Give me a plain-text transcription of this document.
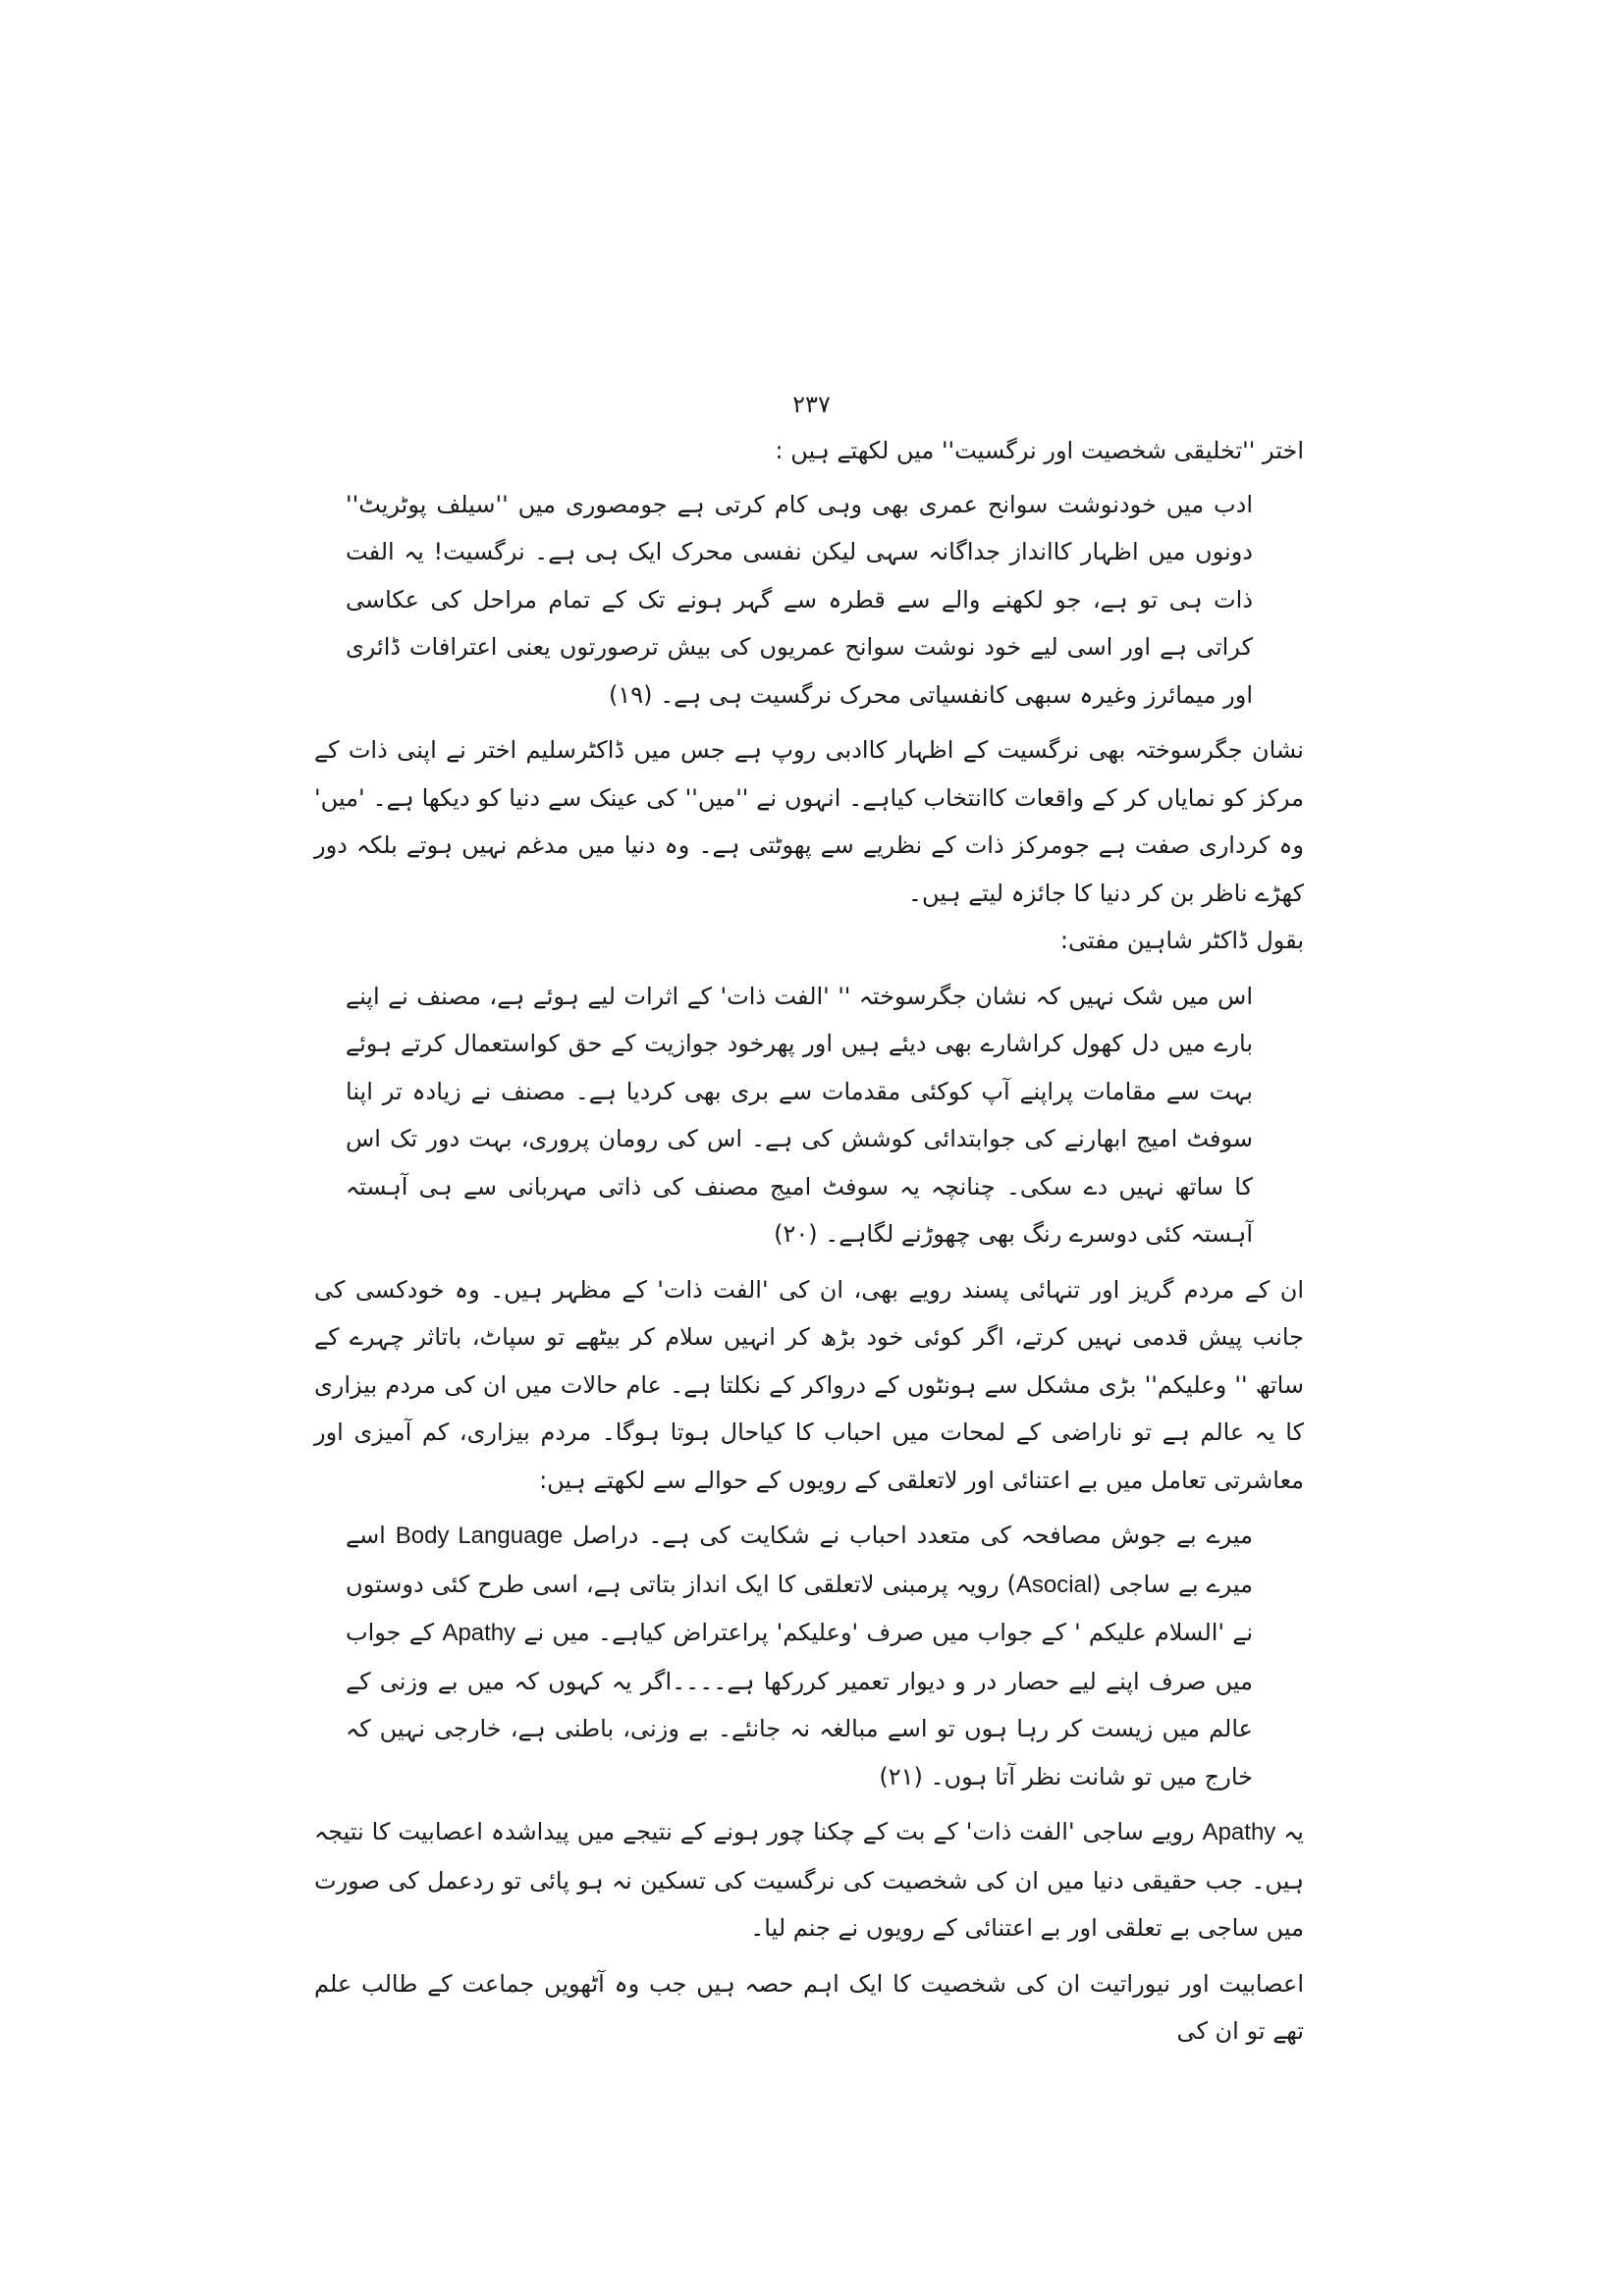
۲۳۷

اختر ''تخلیقی شخصیت اور نرگسیت'' میں لکھتے ہیں :

ادب میں خودنوشت سوانح عمری بھی وہی کام کرتی ہے جومصوری میں ''سیلف پوٹریٹ'' دونوں میں اظہار کاانداز جداگانہ سہی لیکن نفسی محرک ایک ہی ہے۔ نرگسیت! یہ الفت ذات ہی تو ہے، جو لکھنے والے سے قطرہ سے گہر ہونے تک کے تمام مراحل کی عکاسی کراتی ہے اور اسی لیے خود نوشت سوانح عمریوں کی بیش ترصورتوں یعنی اعترافات ڈائری اور میمائرز وغیرہ سبھی کانفسیاتی محرک نرگسیت ہی ہے۔ (۱۹)

نشان جگرسوختہ بھی نرگسیت کے اظہار کاادبی روپ ہے جس میں ڈاکٹرسلیم اختر نے اپنی ذات کے مرکز کو نمایاں کر کے واقعات کاانتخاب کیاہے۔ انہوں نے ''میں'' کی عینک سے دنیا کو دیکھا ہے۔ 'میں' وہ کرداری صفت ہے جومرکز ذات کے نظریے سے پھوٹتی ہے۔ وہ دنیا میں مدغم نہیں ہوتے بلکہ دور کھڑے ناظر بن کر دنیا کا جائزہ لیتے ہیں۔

بقول ڈاکٹر شاہین مفتی:

اس میں شک نہیں کہ نشان جگرسوختہ '' 'الفت ذات' کے اثرات لیے ہوئے ہے، مصنف نے اپنے بارے میں دل کھول کراشارے بھی دیئے ہیں اور پھرخود جوازیت کے حق کواستعمال کرتے ہوئے بہت سے مقامات پراپنے آپ کوکئی مقدمات سے بری بھی کردیا ہے۔ مصنف نے زیادہ تر اپنا سوفٹ امیج ابھارنے کی جوابتدائی کوشش کی ہے۔ اس کی رومان پروری، بہت دور تک اس کا ساتھ نہیں دے سکی۔ چنانچہ یہ سوفٹ امیج مصنف کی ذاتی مہربانی سے ہی آہستہ آہستہ کئی دوسرے رنگ بھی چھوڑنے لگاہے۔ (۲۰)

ان کے مردم گریز اور تنہائی پسند رویے بھی، ان کی 'الفت ذات' کے مظہر ہیں۔ وہ خودکسی کی جانب پیش قدمی نہیں کرتے، اگر کوئی خود بڑھ کر انہیں سلام کر بیٹھے تو سپاٹ، باتاثر چہرے کے ساتھ '' وعلیکم'' بڑی مشکل سے ہونٹوں کے درواکر کے نکلتا ہے۔ عام حالات میں ان کی مردم بیزاری کا یہ عالم ہے تو ناراضی کے لمحات میں احباب کا کیاحال ہوتا ہوگا۔ مردم بیزاری، کم آمیزی اور معاشرتی تعامل میں بے اعتنائی اور لاتعلقی کے رویوں کے حوالے سے لکھتے ہیں:

میرے بے جوش مصافحہ کی متعدد احباب نے شکایت کی ہے۔ دراصل Body Language اسے میرے بے ساجی (Asocial) رویہ پرمبنی لاتعلقی کا ایک انداز بتاتی ہے، اسی طرح کئی دوستوں نے 'السلام علیکم ' کے جواب میں صرف 'وعلیکم' پراعتراض کیاہے۔ میں نے Apathy کے جواب میں صرف اپنے لیے حصار در و دیوار تعمیر کررکھا ہے۔۔۔۔اگر یہ کہوں کہ میں بے وزنی کے عالم میں زیست کر رہا ہوں تو اسے مبالغہ نہ جانئے۔ بے وزنی، باطنی ہے، خارجی نہیں کہ خارج میں تو شانت نظر آتا ہوں۔ (۲۱)

یہ Apathy رویے ساجی 'الفت ذات' کے بت کے چکنا چور ہونے کے نتیجے میں پیداشدہ اعصابیت کا نتیجہ ہیں۔ جب حقیقی دنیا میں ان کی شخصیت کی نرگسیت کی تسکین نہ ہو پائی تو ردعمل کی صورت میں ساجی بے تعلقی اور بے اعتنائی کے رویوں نے جنم لیا۔

اعصابیت اور نیوراتیت ان کی شخصیت کا ایک اہم حصہ ہیں جب وہ آٹھویں جماعت کے طالب علم تھے تو ان کی
